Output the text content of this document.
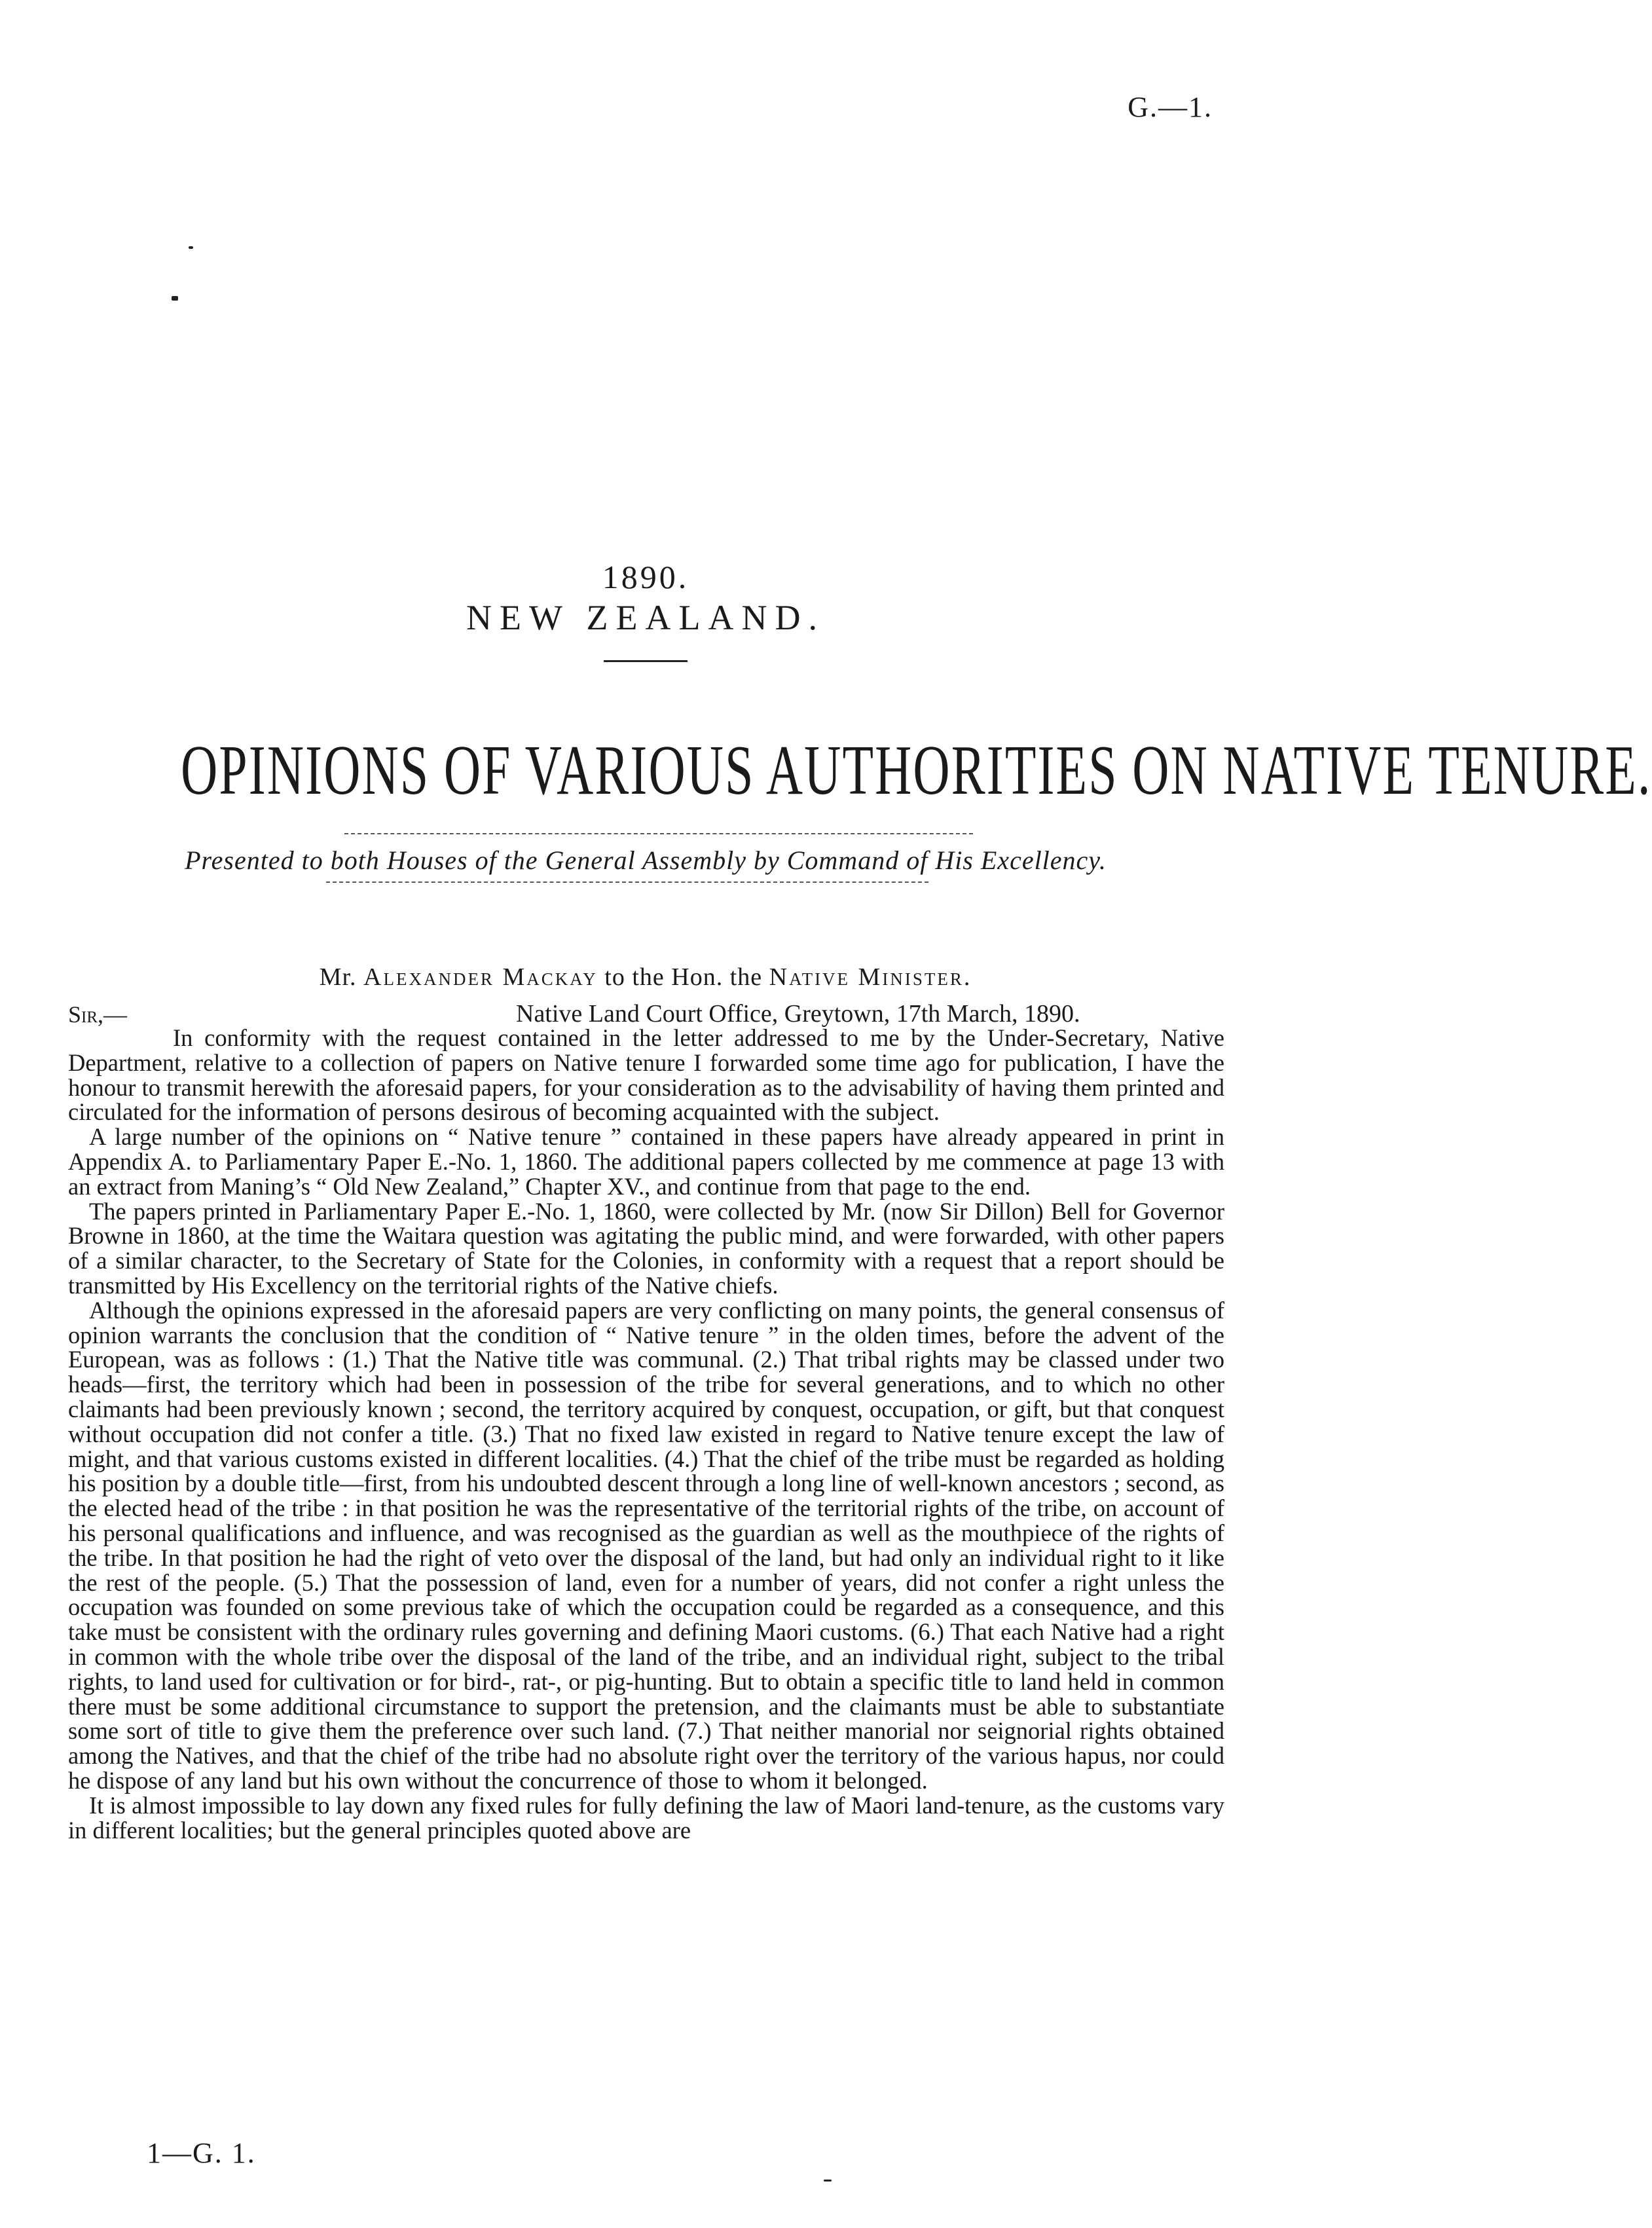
G.—1.
1890.
NEW ZEALAND.
OPINIONS OF VARIOUS AUTHORITIES ON NATIVE TENURE.
Presented to both Houses of the General Assembly by Command of His Excellency.
Mr. Alexander Mackay to the Hon. the Native Minister.
Sir,—	Native Land Court Office, Greytown, 17th March, 1890.

In conformity with the request contained in the letter addressed to me by the Under-Secretary, Native Department, relative to a collection of papers on Native tenure I forwarded some time ago for publication, I have the honour to transmit herewith the aforesaid papers, for your consideration as to the advisability of having them printed and circulated for the information of persons desirous of becoming acquainted with the subject.

A large number of the opinions on “ Native tenure ” contained in these papers have already appeared in print in Appendix A. to Parliamentary Paper E.-No. 1, 1860. The additional papers collected by me commence at page 13 with an extract from Maning’s “ Old New Zealand,” Chapter XV., and continue from that page to the end.

The papers printed in Parliamentary Paper E.-No. 1, 1860, were collected by Mr. (now Sir Dillon) Bell for Governor Browne in 1860, at the time the Waitara question was agitating the public mind, and were forwarded, with other papers of a similar character, to the Secretary of State for the Colonies, in conformity with a request that a report should be transmitted by His Excellency on the territorial rights of the Native chiefs.

Although the opinions expressed in the aforesaid papers are very conflicting on many points, the general consensus of opinion warrants the conclusion that the condition of “ Native tenure ” in the olden times, before the advent of the European, was as follows : (1.) That the Native title was communal. (2.) That tribal rights may be classed under two heads—first, the territory which had been in possession of the tribe for several generations, and to which no other claimants had been previously known ; second, the territory acquired by conquest, occupation, or gift, but that conquest without occupation did not confer a title. (3.) That no fixed law existed in regard to Native tenure except the law of might, and that various customs existed in different localities. (4.) That the chief of the tribe must be regarded as holding his position by a double title—first, from his undoubted descent through a long line of well-known ancestors ; second, as the elected head of the tribe : in that position he was the representative of the territorial rights of the tribe, on account of his personal qualifications and influence, and was recognised as the guardian as well as the mouthpiece of the rights of the tribe. In that position he had the right of veto over the disposal of the land, but had only an individual right to it like the rest of the people. (5.) That the possession of land, even for a number of years, did not confer a right unless the occupation was founded on some previous take of which the occupation could be regarded as a consequence, and this take must be consistent with the ordinary rules governing and defining Maori customs. (6.) That each Native had a right in common with the whole tribe over the disposal of the land of the tribe, and an individual right, subject to the tribal rights, to land used for cultivation or for bird-, rat-, or pig-hunting. But to obtain a specific title to land held in common there must be some additional circumstance to support the pretension, and the claimants must be able to substantiate some sort of title to give them the preference over such land. (7.) That neither manorial nor seignorial rights obtained among the Natives, and that the chief of the tribe had no absolute right over the territory of the various hapus, nor could he dispose of any land but his own without the concurrence of those to whom it belonged.

It is almost impossible to lay down any fixed rules for fully defining the law of Maori land-tenure, as the customs vary in different localities; but the general principles quoted above are

1—G. 1.
